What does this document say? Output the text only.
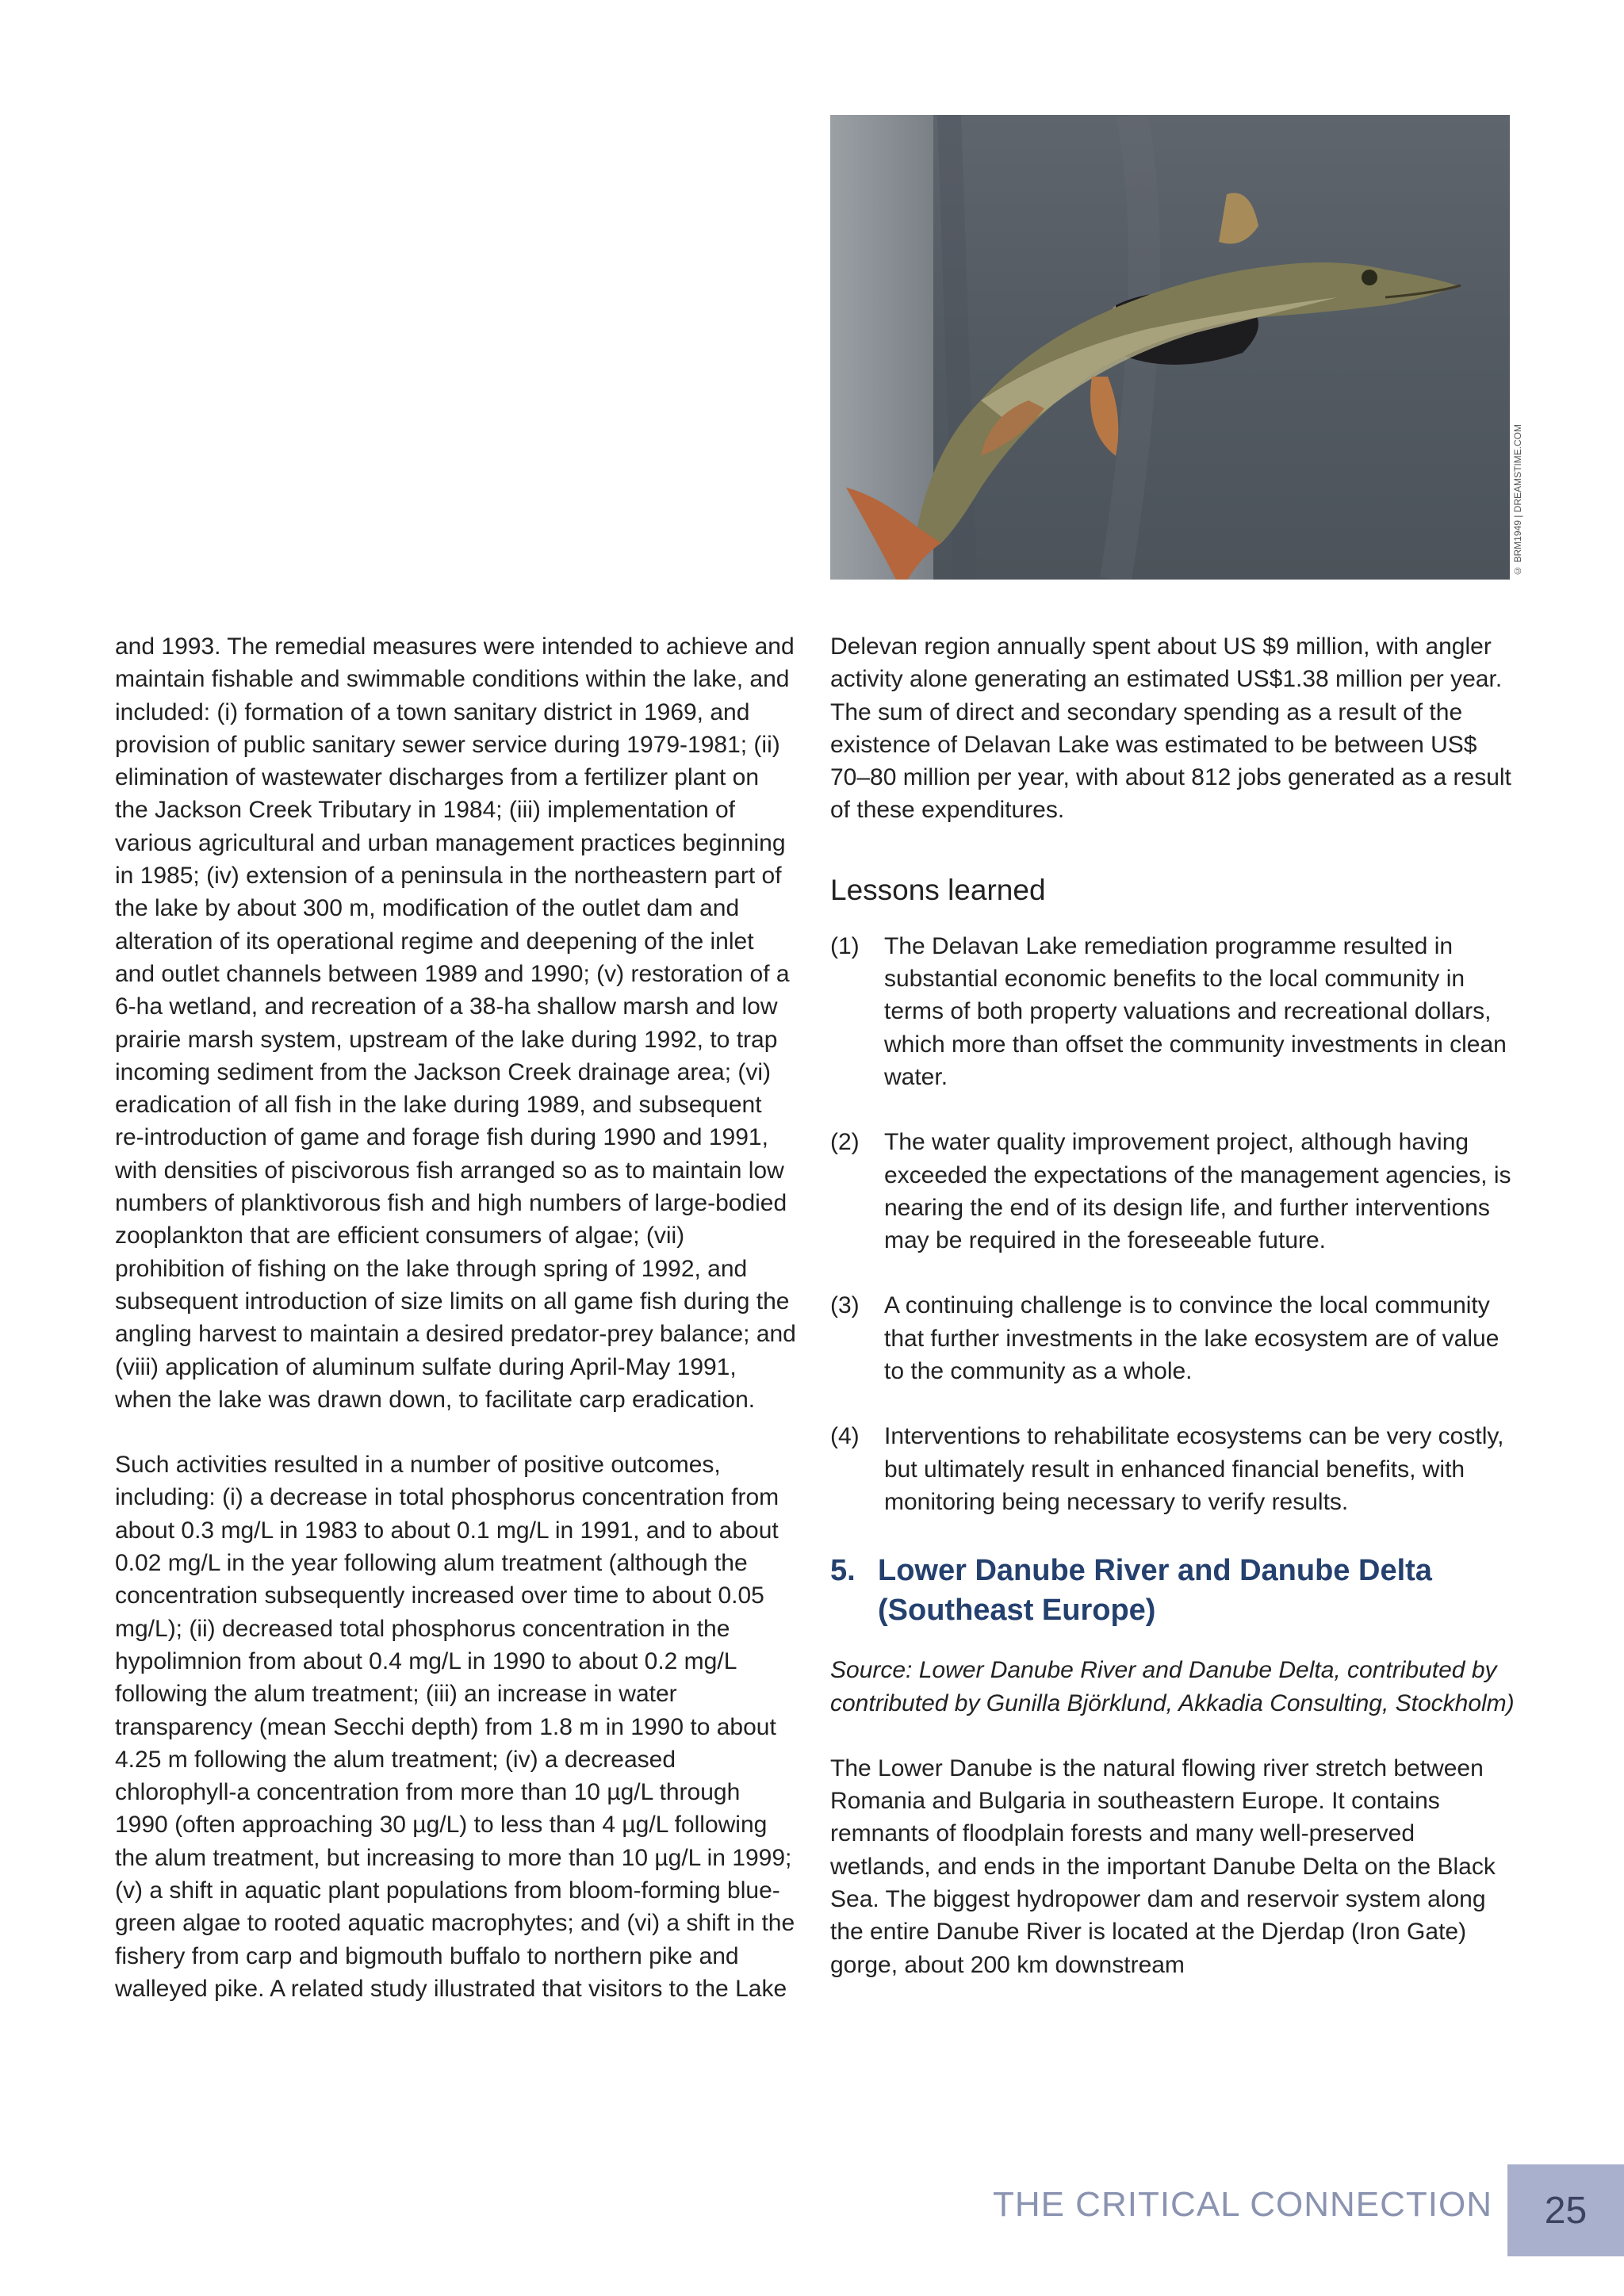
© BRM1949 | DREAMSTIME.COM

and 1993. The remedial measures were intended to achieve and maintain fishable and swimmable conditions within the lake, and included: (i) formation of a town sanitary district in 1969, and provision of public sanitary sewer service during 1979-1981; (ii) elimination of wastewater discharges from a fertilizer plant on the Jackson Creek Tributary in 1984; (iii) implementation of various agricultural and urban management practices beginning in 1985; (iv) extension of a peninsula in the northeastern part of the lake by about 300 m, modification of the outlet dam and alteration of its operational regime and deepening of the inlet and outlet channels between 1989 and 1990; (v) restoration of a 6-ha wetland, and recreation of a 38-ha shallow marsh and low prairie marsh system, upstream of the lake during 1992, to trap incoming sediment from the Jackson Creek drainage area; (vi) eradication of all fish in the lake during 1989, and subsequent re-introduction of game and forage fish during 1990 and 1991, with densities of piscivorous fish arranged so as to maintain low numbers of planktivorous fish and high numbers of large-bodied zooplankton that are efficient consumers of algae; (vii) prohibition of fishing on the lake through spring of 1992, and subsequent introduction of size limits on all game fish during the angling harvest to maintain a desired predator-prey balance; and (viii) application of aluminum sulfate during April-May 1991, when the lake was drawn down, to facilitate carp eradication.

Such activities resulted in a number of positive outcomes, including: (i) a decrease in total phosphorus concentration from about 0.3 mg/L in 1983 to about 0.1 mg/L in 1991, and to about 0.02 mg/L in the year following alum treatment (although the concentration subsequently increased over time to about 0.05 mg/L); (ii) decreased total phosphorus concentration in the hypolimnion from about 0.4 mg/L in 1990 to about 0.2 mg/L following the alum treatment; (iii) an increase in water transparency (mean Secchi depth) from 1.8 m in 1990 to about 4.25 m following the alum treatment; (iv) a decreased chlorophyll-a concentration from more than 10 µg/L through 1990 (often approaching 30 µg/L) to less than 4 µg/L following the alum treatment, but increasing to more than 10 µg/L in 1999; (v) a shift in aquatic plant populations from bloom-forming blue-green algae to rooted aquatic macrophytes; and (vi) a shift in the fishery from carp and bigmouth buffalo to northern pike and walleyed pike. A related study illustrated that visitors to the Lake

Delevan region annually spent about US $9 million, with angler activity alone generating an estimated US$1.38 million per year. The sum of direct and secondary spending as a result of the existence of Delavan Lake was estimated to be between US$ 70–80 million per year, with about 812 jobs generated as a result of these expenditures.

Lessons learned
(1) The Delavan Lake remediation programme resulted in substantial economic benefits to the local community in terms of both property valuations and recreational dollars, which more than offset the community investments in clean water.
(2) The water quality improvement project, although having exceeded the expectations of the management agencies, is nearing the end of its design life, and further interventions may be required in the foreseeable future.
(3) A continuing challenge is to convince the local community that further investments in the lake ecosystem are of value to the community as a whole.
(4) Interventions to rehabilitate ecosystems can be very costly, but ultimately result in enhanced financial benefits, with monitoring being necessary to verify results.
5. Lower Danube River and Danube Delta (Southeast Europe)

Source: Lower Danube River and Danube Delta, contributed by contributed by Gunilla Björklund, Akkadia Consulting, Stockholm)

The Lower Danube is the natural flowing river stretch between Romania and Bulgaria in southeastern Europe. It contains remnants of floodplain forests and many well-preserved wetlands, and ends in the important Danube Delta on the Black Sea. The biggest hydropower dam and reservoir system along the entire Danube River is located at the Djerdap (Iron Gate) gorge, about 200 km downstream

THE CRITICAL CONNECTION	25
